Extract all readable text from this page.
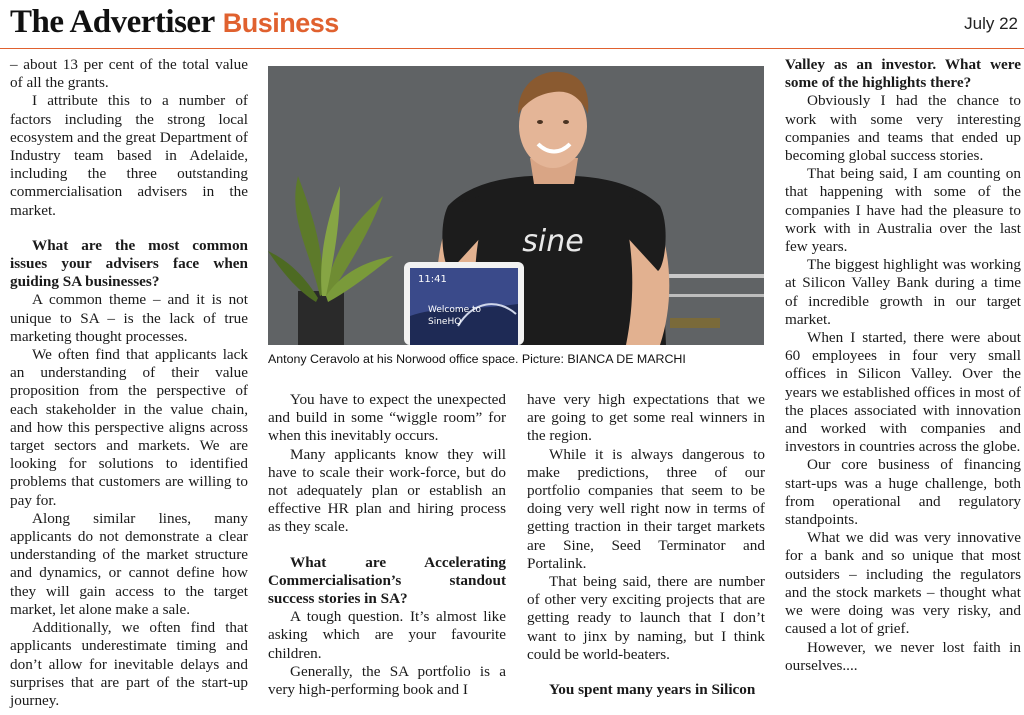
The Advertiser Business	July 22

– about 13 per cent of the total value of all the grants.

I attribute this to a number of factors including the strong local ecosystem and the great Department of Industry team based in Adelaide, including the three outstanding commercialisation advisers in the market.

What are the most common issues your advisers face when guiding SA businesses?

A common theme – and it is not unique to SA – is the lack of true marketing thought processes.

We often find that applicants lack an understanding of their value proposition from the perspective of each stakeholder in the value chain, and how this perspective aligns across target sectors and markets. We are looking for solutions to identified problems that customers are willing to pay for.

Along similar lines, many applicants do not demonstrate a clear understanding of the market structure and dynamics, or cannot define how they will gain access to the target market, let alone make a sale.

Additionally, we often find that applicants underestimate timing and don’t allow for inevitable delays and surprises that are part of the start-up journey.

You have to expect the unexpected and build in some “wiggle room” for when this inevitably occurs.

Many applicants know they will have to scale their work-force, but do not adequately plan or establish an effective HR plan and hiring process as they scale.

What are Accelerating Commercialisation’s standout success stories in SA?

A tough question. It’s almost like asking which are your favourite children.

Generally, the SA portfolio is a very high-performing book and I

have very high expectations that we are going to get some real winners in the region.

While it is always dangerous to make predictions, three of our portfolio companies that seem to be doing very well right now in terms of getting traction in their target markets are Sine, Seed Terminator and Portalink.

That being said, there are number of other very exciting projects that are getting ready to launch that I don’t want to jinx by naming, but I think could be world-beaters.

You spent many years in Silicon

Valley as an investor. What were some of the highlights there?

Obviously I had the chance to work with some very interesting companies and teams that ended up becoming global success stories.

That being said, I am counting on that happening with some of the companies I have had the pleasure to work with in Australia over the last few years.

The biggest highlight was working at Silicon Valley Bank during a time of incredible growth in our target market.

When I started, there were about 60 employees in four very small offices in Silicon Valley. Over the years we established offices in most of the places associated with innovation and worked with companies and investors in countries across the globe.

Our core business of financing start-ups was a huge challenge, both from operational and regulatory standpoints.

What we did was very innovative for a bank and so unique that most outsiders – including the regulators and the stock markets – thought what we were doing was very risky, and caused a lot of grief.

However, we never lost faith in ourselves....

sine
11:41
Welcome to
SineHQ
Antony Ceravolo at his Norwood office space. Picture: BIANCA DE MARCHI
